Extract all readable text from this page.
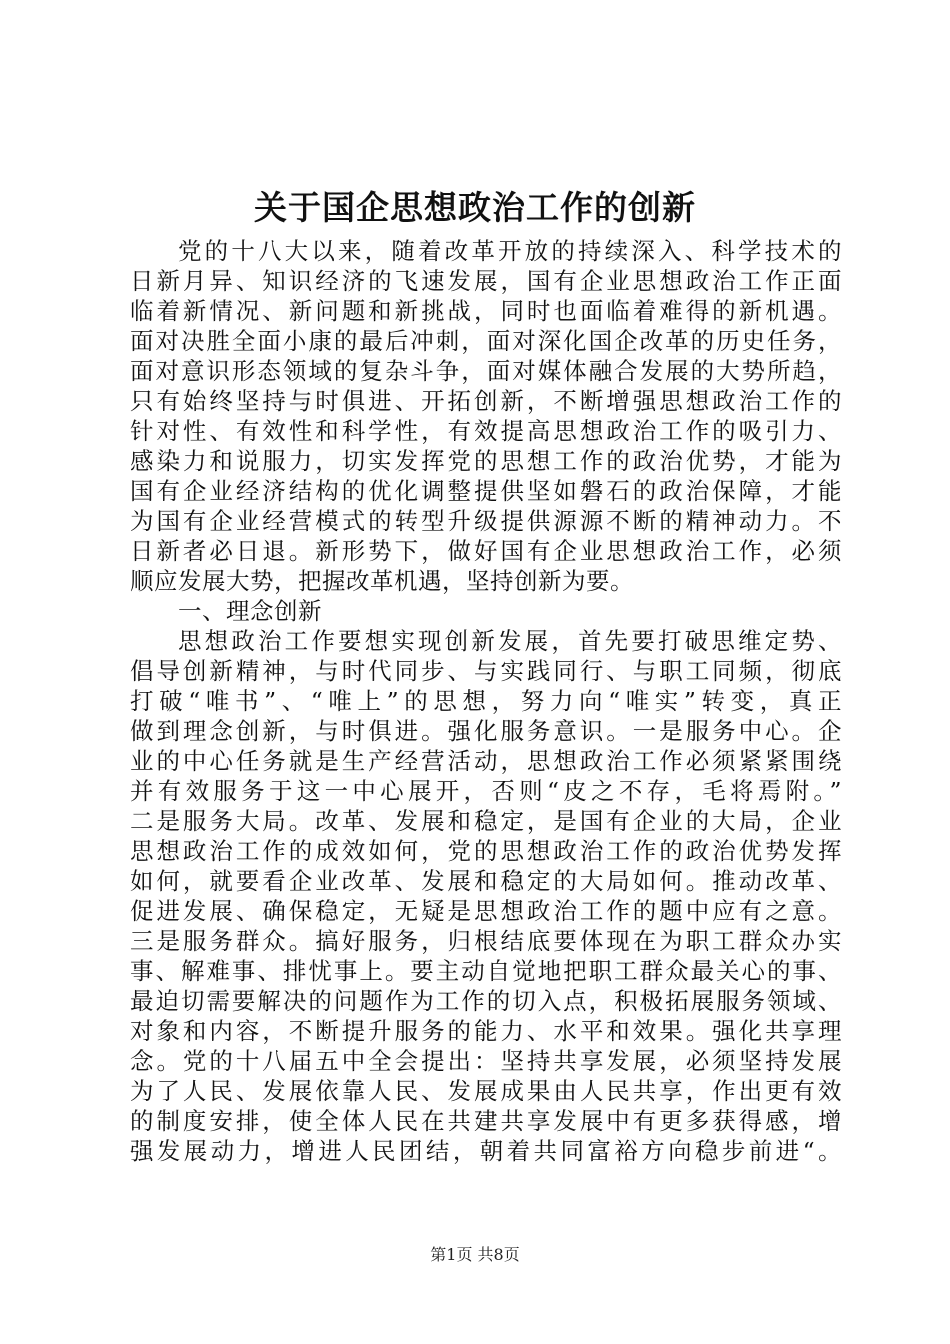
关于国企思想政治工作的创新
党的十八大以来，随着改革开放的持续深入、科学技术的
日新月异、知识经济的飞速发展，国有企业思想政治工作正面
临着新情况、新问题和新挑战，同时也面临着难得的新机遇。
面对决胜全面小康的最后冲刺，面对深化国企改革的历史任务，
面对意识形态领域的复杂斗争，面对媒体融合发展的大势所趋，
只有始终坚持与时俱进、开拓创新，不断增强思想政治工作的
针对性、有效性和科学性，有效提高思想政治工作的吸引力、
感染力和说服力，切实发挥党的思想工作的政治优势，才能为
国有企业经济结构的优化调整提供坚如磐石的政治保障，才能
为国有企业经营模式的转型升级提供源源不断的精神动力。不
日新者必日退。新形势下，做好国有企业思想政治工作，必须
顺应发展大势，把握改革机遇，坚持创新为要。
一、理念创新
思想政治工作要想实现创新发展，首先要打破思维定势、
倡导创新精神，与时代同步、与实践同行、与职工同频，彻底
打破“唯书”、“唯上”的思想，努力向“唯实”转变，真正
做到理念创新，与时俱进。强化服务意识。一是服务中心。企
业的中心任务就是生产经营活动，思想政治工作必须紧紧围绕
并有效服务于这一中心展开，否则“皮之不存，毛将焉附。”
二是服务大局。改革、发展和稳定，是国有企业的大局，企业
思想政治工作的成效如何，党的思想政治工作的政治优势发挥
如何，就要看企业改革、发展和稳定的大局如何。推动改革、
促进发展、确保稳定，无疑是思想政治工作的题中应有之意。
三是服务群众。搞好服务，归根结底要体现在为职工群众办实
事、解难事、排忧事上。要主动自觉地把职工群众最关心的事、
最迫切需要解决的问题作为工作的切入点，积极拓展服务领域、
对象和内容，不断提升服务的能力、水平和效果。强化共享理
念。党的十八届五中全会提出：坚持共享发展，必须坚持发展
为了人民、发展依靠人民、发展成果由人民共享，作出更有效
的制度安排，使全体人民在共建共享发展中有更多获得感，增
强发展动力，增进人民团结，朝着共同富裕方向稳步前进“。
第1页 共8页
